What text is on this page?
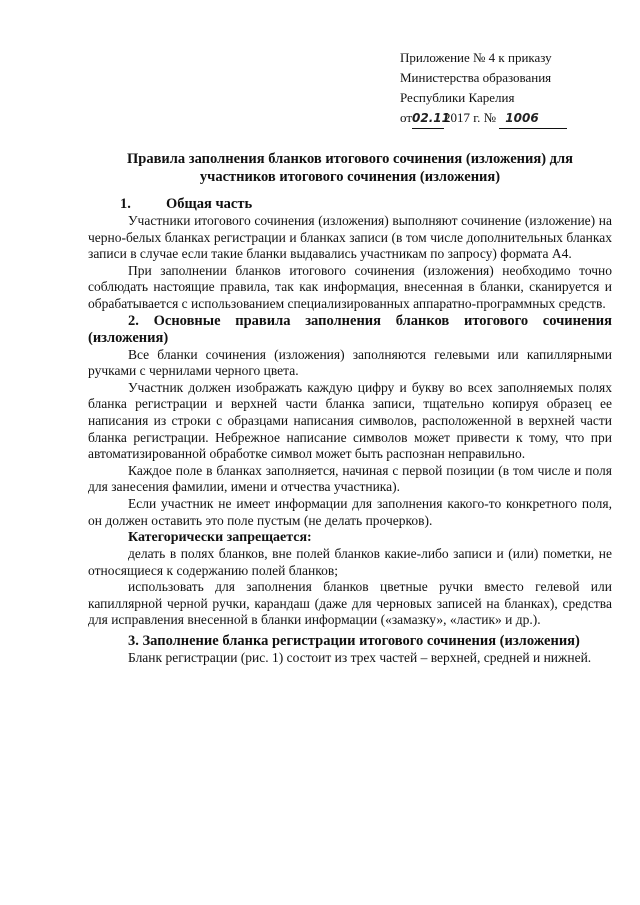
Приложение № 4 к приказу
Министерства образования
Республики Карелия
от02.112017 г. № 1006
Правила заполнения бланков итогового сочинения (изложения) для участников итогового сочинения (изложения)
1. Общая часть

Участники итогового сочинения (изложения) выполняют сочинение (изложение) на черно-белых бланках регистрации и бланках записи (в том числе дополнительных бланках записи в случае если такие бланки выдавались участникам по запросу) формата А4.

При заполнении бланков итогового сочинения (изложения) необходимо точно соблюдать настоящие правила, так как информация, внесенная в бланки, сканируется и обрабатывается с использованием специализированных аппаратно-программных средств.

2. Основные правила заполнения бланков итогового сочинения (изложения)

Все бланки сочинения (изложения) заполняются гелевыми или капиллярными ручками с чернилами черного цвета.

Участник должен изображать каждую цифру и букву во всех заполняемых полях бланка регистрации и верхней части бланка записи, тщательно копируя образец ее написания из строки с образцами написания символов, расположенной в верхней части бланка регистрации. Небрежное написание символов может привести к тому, что при автоматизированной обработке символ может быть распознан неправильно.

Каждое поле в бланках заполняется, начиная с первой позиции (в том числе и поля для занесения фамилии, имени и отчества участника).

Если участник не имеет информации для заполнения какого-то конкретного поля, он должен оставить это поле пустым (не делать прочерков).

Категорически запрещается:

делать в полях бланков, вне полей бланков какие-либо записи и (или) пометки, не относящиеся к содержанию полей бланков;

использовать для заполнения бланков цветные ручки вместо гелевой или капиллярной черной ручки, карандаш (даже для черновых записей на бланках), средства для исправления внесенной в бланки информации («замазку», «ластик» и др.).

3. Заполнение бланка регистрации итогового сочинения (изложения)

Бланк регистрации (рис. 1) состоит из трех частей – верхней, средней и нижней.
